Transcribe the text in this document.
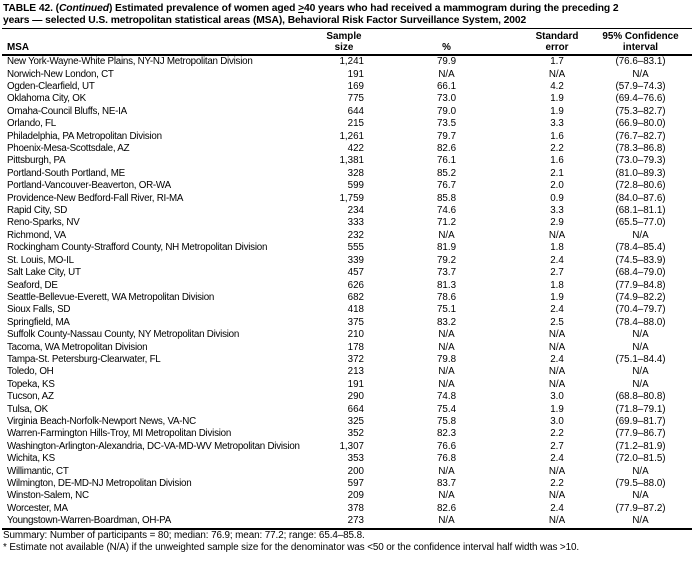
TABLE 42. (Continued) Estimated prevalence of women aged ≥40 years who had received a mammogram during the preceding 2
years — selected U.S. metropolitan statistical areas (MSA), Behavioral Risk Factor Surveillance System, 2002
MSA
Sample size	%
Standard error
95% Confidence interval
New York-Wayne-White Plains, NY-NJ Metropolitan Division	1,241	79.9	1.7	(76.6–83.1)
Norwich-New London, CT	191	N/A	N/A	N/A
Ogden-Clearfield, UT	169	66.1	4.2	(57.9–74.3)
Oklahoma City, OK	775	73.0	1.9	(69.4–76.6)
Omaha-Council Bluffs, NE-IA	644	79.0	1.9	(75.3–82.7)
Orlando, FL	215	73.5	3.3	(66.9–80.0)
Philadelphia, PA Metropolitan Division	1,261	79.7	1.6	(76.7–82.7)
Phoenix-Mesa-Scottsdale, AZ	422	82.6	2.2	(78.3–86.8)
Pittsburgh, PA	1,381	76.1	1.6	(73.0–79.3)
Portland-South Portland, ME	328	85.2	2.1	(81.0–89.3)
Portland-Vancouver-Beaverton, OR-WA	599	76.7	2.0	(72.8–80.6)
Providence-New Bedford-Fall River, RI-MA	1,759	85.8	0.9	(84.0–87.6)
Rapid City, SD	234	74.6	3.3	(68.1–81.1)
Reno-Sparks, NV	333	71.2	2.9	(65.5–77.0)
Richmond, VA	232	N/A	N/A	N/A
Rockingham County-Strafford County, NH Metropolitan Division	555	81.9	1.8	(78.4–85.4)
St. Louis, MO-IL	339	79.2	2.4	(74.5–83.9)
Salt Lake City, UT	457	73.7	2.7	(68.4–79.0)
Seaford, DE	626	81.3	1.8	(77.9–84.8)
Seattle-Bellevue-Everett, WA Metropolitan Division	682	78.6	1.9	(74.9–82.2)
Sioux Falls, SD	418	75.1	2.4	(70.4–79.7)
Springfield, MA	375	83.2	2.5	(78.4–88.0)
Suffolk County-Nassau County, NY Metropolitan Division	210	N/A	N/A	N/A
Tacoma, WA Metropolitan Division	178	N/A	N/A	N/A
Tampa-St. Petersburg-Clearwater, FL	372	79.8	2.4	(75.1–84.4)
Toledo, OH	213	N/A	N/A	N/A
Topeka, KS	191	N/A	N/A	N/A
Tucson, AZ	290	74.8	3.0	(68.8–80.8)
Tulsa, OK	664	75.4	1.9	(71.8–79.1)
Virginia Beach-Norfolk-Newport News, VA-NC	325	75.8	3.0	(69.9–81.7)
Warren-Farmington Hills-Troy, MI Metropolitan Division	352	82.3	2.2	(77.9–86.7)
Washington-Arlington-Alexandria, DC-VA-MD-WV Metropolitan Division	1,307	76.6	2.7	(71.2–81.9)
Wichita, KS	353	76.8	2.4	(72.0–81.5)
Willimantic, CT	200	N/A	N/A	N/A
Wilmington, DE-MD-NJ Metropolitan Division	597	83.7	2.2	(79.5–88.0)
Winston-Salem, NC	209	N/A	N/A	N/A
Worcester, MA	378	82.6	2.4	(77.9–87.2)
Youngstown-Warren-Boardman, OH-PA	273	N/A	N/A	N/A
Summary: Number of participants = 80; median: 76.9; mean: 77.2; range: 65.4–85.8.
* Estimate not available (N/A) if the unweighted sample size for the denominator was <50 or the confidence interval half width was >10.
